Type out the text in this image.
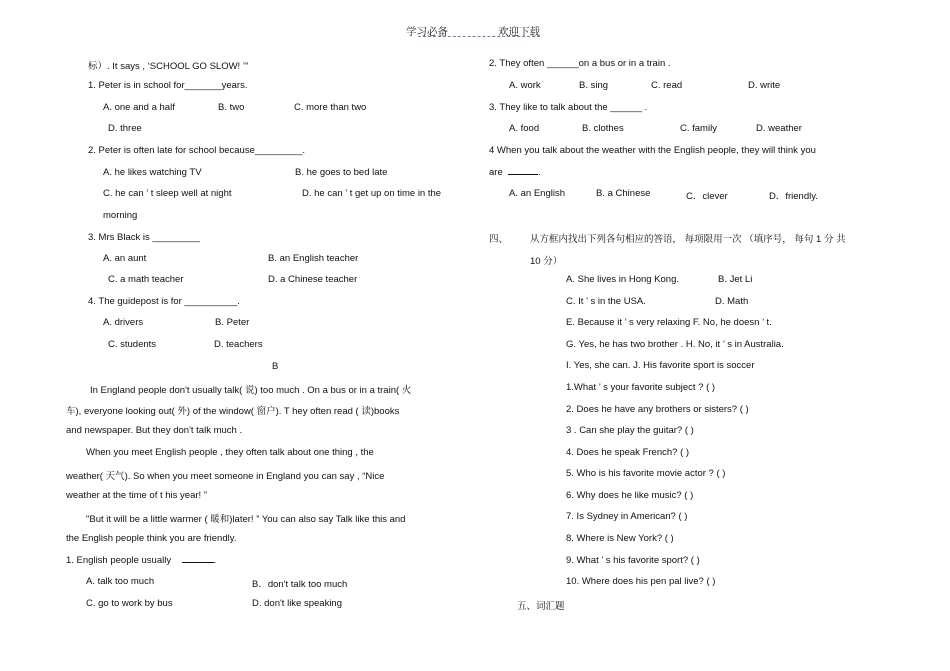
学习必备	欢迎下载
标）. It says , ‘SCHOOL GO SLOW! ’”
1. Peter is in school for_______years.
A. one and a half	B. two	C. more than two
D. three
2. Peter is often late for school because_________.
A. he likes watching TV	B. he goes to bed late
C. he can ’ t sleep well at night	D. he can ’ t get up on time in the
morning
3. Mrs Black is _________
A. an aunt	B. an English teacher
C. a math teacher	D. a Chinese teacher
4. The guidepost is for __________.
A. drivers	B. Peter
C. students	D. teachers
B
In England people don't usually talk( 说) too much . On a bus or in a train( 火
车), everyone looking out( 外) of the window( 窗户). T hey often read ( 读)books
and newspaper. But they don't talk much .
When you meet English people , they often talk about one thing , the
weather( 天气). So when you meet someone in England you can say , “Nice
weather at the time of t his year! ”
"But it will be a little warmer ( 暖和)later! ” You can also say Talk like this and
the English people think you are friendly.
1. English people usually	.
A. talk too much	B．don't talk too much
C. go to work by bus	D. don't like speaking
2. They often ______on a bus or in a train .
A. work	B. sing	C. read	D. write
3. They like to talk about the ______ .
A. food	B. clothes	C. family	D. weather
4 When you talk about the weather with the English people, they will think you
are	.
A. an English	B. a Chinese	C．clever	D．friendly.
四、 从方框内找出下列各句相应的答语， 每项限用一次 （填序号， 每句 1 分 共
10 分）
A. She lives in Hong Kong.	B. Jet Li
C. It ’ s in the USA.	D. Math
E. Because it ’ s very relaxing F. No, he doesn ’ t.
G. Yes, he has two brother . H. No, it ’ s in Australia.
I. Yes, she can. J. His favorite sport is soccer
1.What ’ s your favorite subject ? ( )
2. Does he have any brothers or sisters? ( )
3 . Can she play the guitar? ( )
4. Does he speak French? ( )
5. Who is his favorite movie actor ? ( )
6. Why does he like music? ( )
7. Is Sydney in American? ( )
8. Where is New York? ( )
9. What ’ s his favorite sport? ( )
10. Where does his pen pal live? ( )
五、词汇题
